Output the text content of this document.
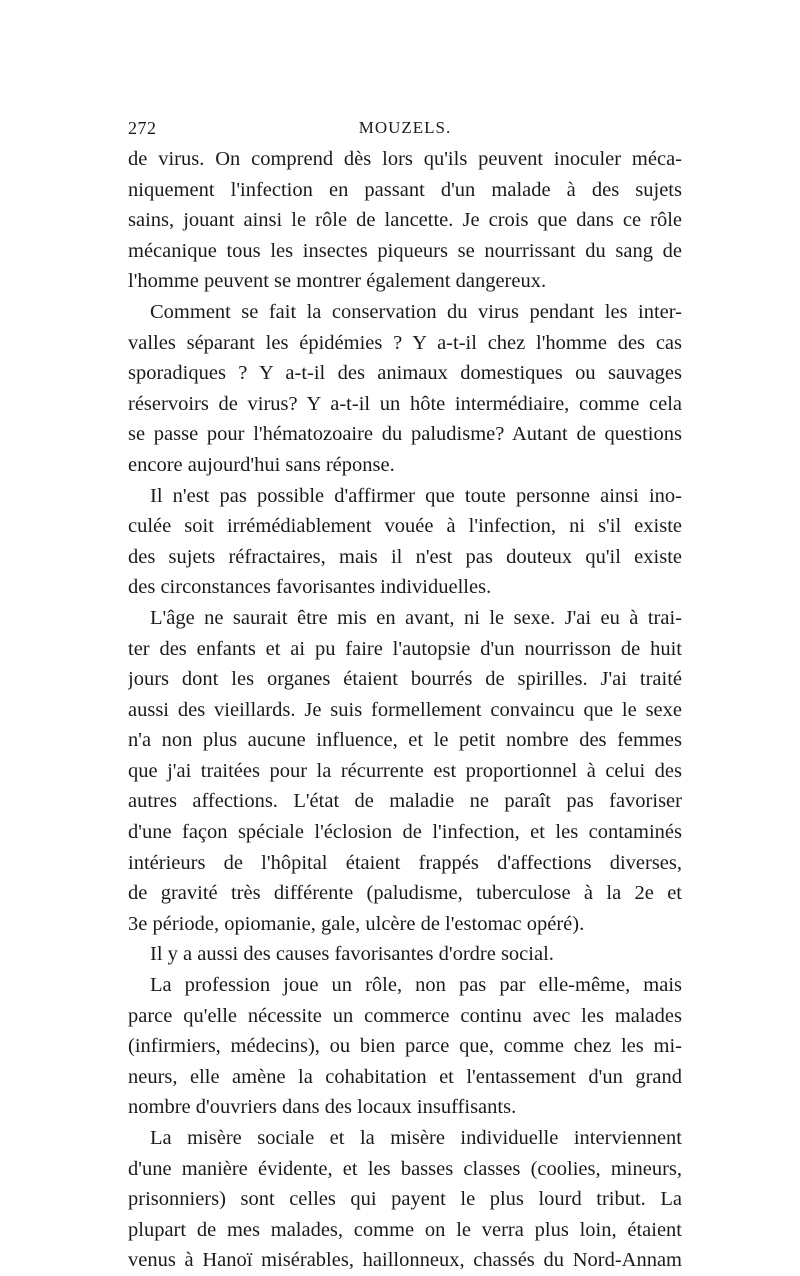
272	MOUZELS.
de virus. On comprend dès lors qu'ils peuvent inoculer méca-
niquement l'infection en passant d'un malade à des sujets
sains, jouant ainsi le rôle de lancette. Je crois que dans ce rôle
mécanique tous les insectes piqueurs se nourrissant du sang de
l'homme peuvent se montrer également dangereux.
Comment se fait la conservation du virus pendant les inter-
valles séparant les épidémies ? Y a-t-il chez l'homme des cas
sporadiques ? Y a-t-il des animaux domestiques ou sauvages
réservoirs de virus? Y a-t-il un hôte intermédiaire, comme cela
se passe pour l'hématozoaire du paludisme? Autant de questions
encore aujourd'hui sans réponse.
Il n'est pas possible d'affirmer que toute personne ainsi ino-
culée soit irrémédiablement vouée à l'infection, ni s'il existe
des sujets réfractaires, mais il n'est pas douteux qu'il existe
des circonstances favorisantes individuelles.
L'âge ne saurait être mis en avant, ni le sexe. J'ai eu à trai-
ter des enfants et ai pu faire l'autopsie d'un nourrisson de huit
jours dont les organes étaient bourrés de spirilles. J'ai traité
aussi des vieillards. Je suis formellement convaincu que le sexe
n'a non plus aucune influence, et le petit nombre des femmes
que j'ai traitées pour la récurrente est proportionnel à celui des
autres affections. L'état de maladie ne paraît pas favoriser
d'une façon spéciale l'éclosion de l'infection, et les contaminés
intérieurs de l'hôpital étaient frappés d'affections diverses,
de gravité très différente (paludisme, tuberculose à la 2e et
3e période, opiomanie, gale, ulcère de l'estomac opéré).
Il y a aussi des causes favorisantes d'ordre social.
La profession joue un rôle, non pas par elle-même, mais
parce qu'elle nécessite un commerce continu avec les malades
(infirmiers, médecins), ou bien parce que, comme chez les mi-
neurs, elle amène la cohabitation et l'entassement d'un grand
nombre d'ouvriers dans des locaux insuffisants.
La misère sociale et la misère individuelle interviennent
d'une manière évidente, et les basses classes (coolies, mineurs,
prisonniers) sont celles qui payent le plus lourd tribut. La
plupart de mes malades, comme on le verra plus loin, étaient
venus à Hanoï misérables, haillonneux, chassés du Nord-Annam
